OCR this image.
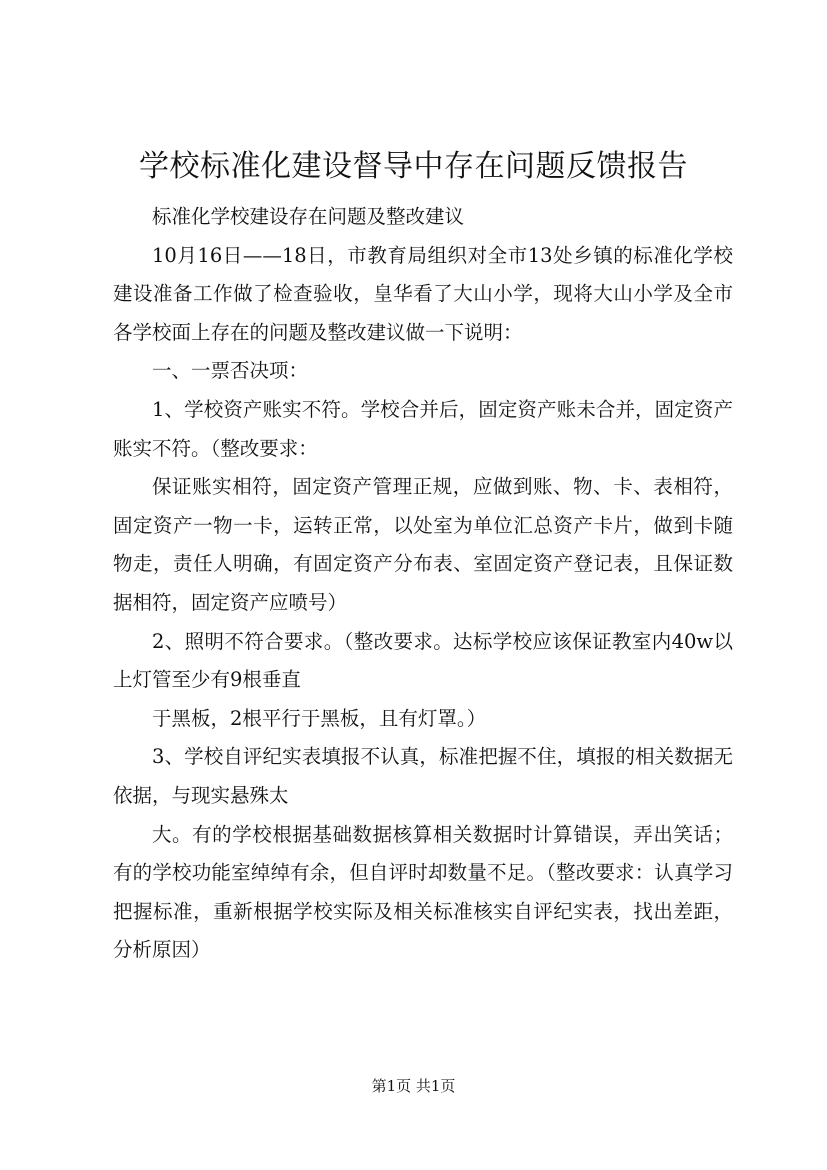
学校标准化建设督导中存在问题反馈报告

标准化学校建设存在问题及整改建议

10月16日——18日，市教育局组织对全市13处乡镇的标准化学校建设准备工作做了检查验收，皇华看了大山小学，现将大山小学及全市各学校面上存在的问题及整改建议做一下说明：

一、一票否决项：

1、学校资产账实不符。学校合并后，固定资产账未合并，固定资产账实不符。（整改要求：

保证账实相符，固定资产管理正规，应做到账、物、卡、表相符，固定资产一物一卡，运转正常，以处室为单位汇总资产卡片，做到卡随物走，责任人明确，有固定资产分布表、室固定资产登记表，且保证数据相符，固定资产应喷号）

2、照明不符合要求。（整改要求。达标学校应该保证教室内40w以上灯管至少有9根垂直

于黑板，2根平行于黑板，且有灯罩。）

3、学校自评纪实表填报不认真，标准把握不住，填报的相关数据无依据，与现实悬殊太

大。有的学校根据基础数据核算相关数据时计算错误，弄出笑话；有的学校功能室绰绰有余，但自评时却数量不足。（整改要求：认真学习把握标准，重新根据学校实际及相关标准核实自评纪实表，找出差距，分析原因）

第1页 共1页
